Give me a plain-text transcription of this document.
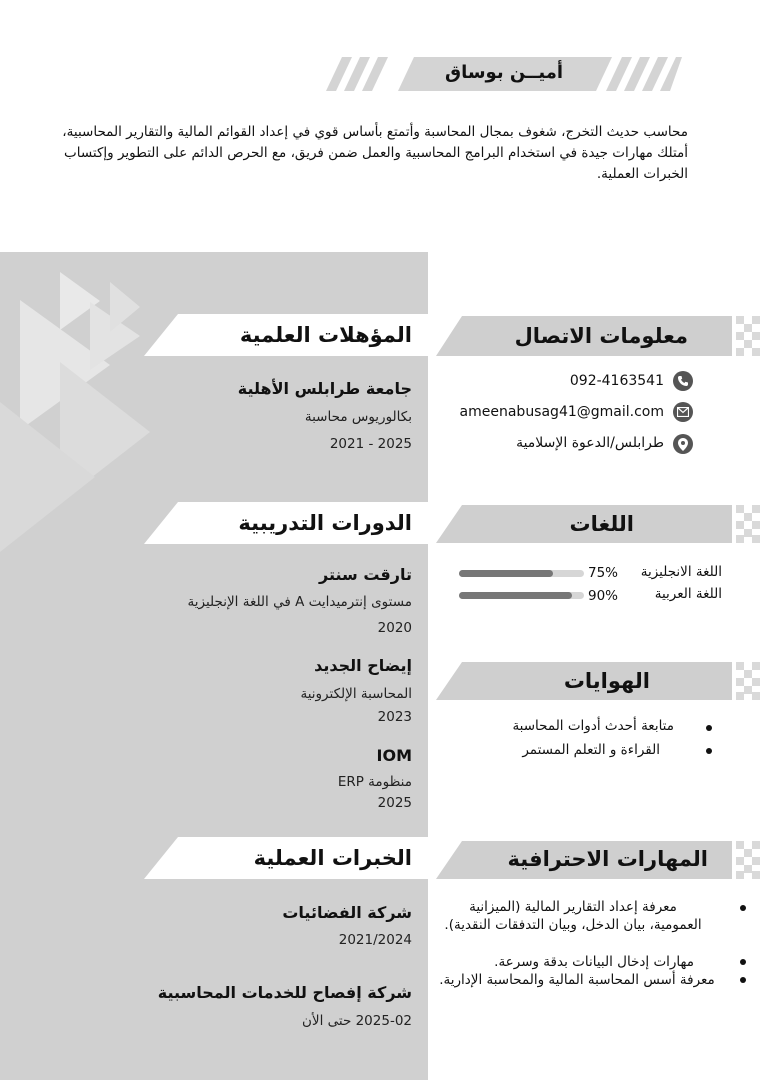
أميــن بوساق
محاسب حديث التخرج، شغوف بمجال المحاسبة وأتمتع بأساس قوي في إعداد القوائم المالية والتقارير المحاسبية، أمتلك مهارات جيدة في استخدام البرامج المحاسبية والعمل ضمن فريق، مع الحرص الدائم على التطوير وإكتساب الخبرات العملية.
المؤهلات العلمية
جامعة طرابلس الأهلية
بكالوريوس محاسبة
2021 - 2025
الدورات التدريبية
تارقت سنتر
مستوى إنترميدايت A في اللغة الإنجليزية
2020
إيضاح الجديد
المحاسبة الإلكترونية
2023
IOM
منظومة ERP
2025
الخبرات العملية
شركة الفضائيات
2021/2024
شركة إفصاح للخدمات المحاسبية
2025-02 حتى الأن
معلومات الاتصال
092-4163541
ameenabusag41@gmail.com
طرابلس/الدعوة الإسلامية
اللغات
اللغة الانجليزية
75%
اللغة العربية
90%
الهوايات
متابعة أحدث أدوات المحاسبة
القراءة و التعلم المستمر
المهارات الاحترافية
معرفة إعداد التقارير المالية (الميزانية العمومية، بيان الدخل، وبيان التدفقات النقدية).
مهارات إدخال البيانات بدقة وسرعة.
معرفة أسس المحاسبة المالية والمحاسبة الإدارية.
